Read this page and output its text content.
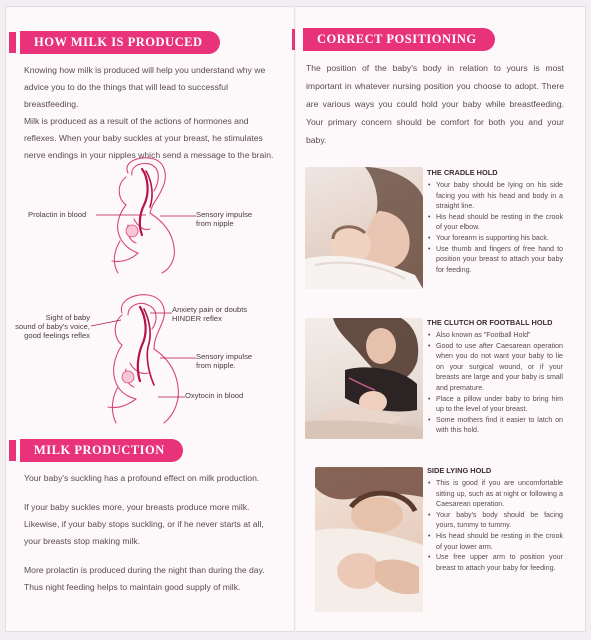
HOW MILK IS PRODUCED

Knowing how milk is produced will help you understand why we advice you to do the things that will lead to successful breastfeeding.

Milk is produced as a result of the actions of hormones and reflexes. When your baby suckles at your breast, he stimulates nerve endings in your nipples which send a message to the brain.

Prolactin in blood	Sensory impulse
from nipple
Sight of baby
sound of baby's voice,
good feelings reflex
Anxiety pain or doubts
HINDER reflex
Sensory impulse
from nipple.
Oxytocin in blood
MILK PRODUCTION

Your baby's suckling has a profound effect on milk production.

If your baby suckles more, your breasts produce more milk. Likewise, if your baby stops suckling, or if he never starts at all, your breasts stop making milk.

More prolactin is produced during the night than during the day. Thus night feeding helps to maintain good supply of milk.

CORRECT POSITIONING
The position of the baby's body in relation to yours is most important in whatever nursing position you choose to adopt. There are various ways you could hold your baby while breastfeeding. Your primary concern should be comfort for both you and your baby.
THE CRADLE HOLD
• Your baby should be lying on his side facing you with his head and body in a straight line.
• His head should be resting in the crook of your elbow.
• Your forearm is supporting his back.
• Use thumb and fingers of free hand to position your breast to attach your baby for feeding.
THE CLUTCH OR FOOTBALL HOLD
• Also known as "Football Hold"
• Good to use after Caesarean operation when you do not want your baby to lie on your surgical wound, or if your breasts are large and your baby is small and premature.
• Place a pillow under baby to bring him up to the level of your breast.
• Some mothers find it easier to latch on with this hold.
SIDE LYING HOLD
• This is good if you are uncomfortable sitting up, such as at night or following a Caesarean operation.
• Your baby's body should be facing yours, tummy to tummy.
• His head should be resting in the crook of your lower arm.
• Use free upper arm to position your breast to attach your baby for feeding.
